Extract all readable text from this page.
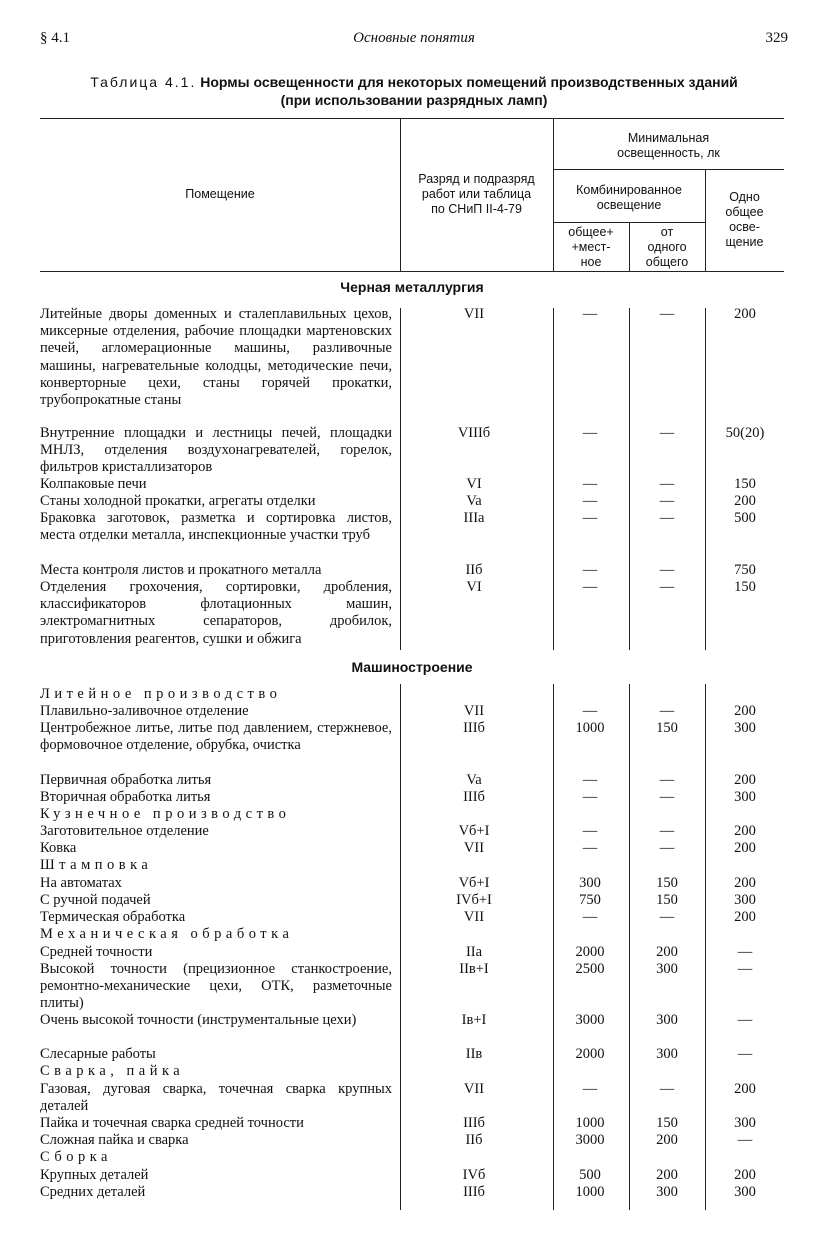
§ 4.1	Основные понятия	329
Таблица 4.1. Нормы освещенности для некоторых помещений производственных зданий
(при использовании разрядных ламп)
Помещение
Разряд и подразряд
работ или таблица
по СНиП II-4-79
Минимальная
освещенность, лк
Комбинированное
освещение
общее+
+мест-
ное
от
одного
общего
Одно
общее
осве-
щение
Черная металлургия
Машиностроение
Литейные дворы доменных и сталеплавильных цехов, миксерные отделения, рабочие площадки мартеновских печей, агломерационные машины, разливочные машины, нагревательные колодцы, методические печи, конверторные цехи, станы горячей прокатки, трубопрокатные станы
VII	—	—	200
Внутренние площадки и лестницы печей, площадки МНЛЗ, отделения воздухонагревателей, горелок, фильтров кристаллизаторов
VIIIб	—	—	50(20)
Колпаковые печи	VI	—	—	150
Станы холодной прокатки, агрегаты отделки	Va	—	—	200
Браковка заготовок, разметка и сортировка листов, места отделки металла, инспекционные участки труб
IIIa	—	—	500
Места контроля листов и прокатного металла	IIб	—	—	750
Отделения грохочения, сортировки, дробления, классификаторов флотационных машин, электромагнитных сепараторов, дробилок, приготовления реагентов, сушки и обжига
VI	—	—	150
Литейное производство
Плавильно-заливочное отделение	VII	—	—	200
Центробежное литье, литье под давлением, стержневое, формовочное отделение, обрубка, очистка
IIIб	1000	150	300
Первичная обработка литья	Va	—	—	200
Вторичная обработка литья	IIIб	—	—	300
Кузнечное производство
Заготовительное отделение	Vб+I	—	—	200
Ковка	VII	—	—	200
Штамповка
На автоматах	Vб+I	300	150	200
С ручной подачей	IVб+I	750	150	300
Термическая обработка	VII	—	—	200
Механическая обработка
Средней точности	IIa	2000	200	—
Высокой точности (прецизионное станкостроение, ремонтно-механические цехи, ОТК, разметочные плиты)
IIв+I	2500	300	—
Очень высокой точности (инструментальные цехи)	Iв+I	3000	300	—
Слесарные работы	IIв	2000	300	—
Сварка, пайка
Газовая, дуговая сварка, точечная сварка крупных деталей
VII	—	—	200
Пайка и точечная сварка средней точности	IIIб	1000	150	300
Сложная пайка и сварка	IIб	3000	200	—
Сборка
Крупных деталей	IVб	500	200	200
Средних деталей	IIIб	1000	300	300
